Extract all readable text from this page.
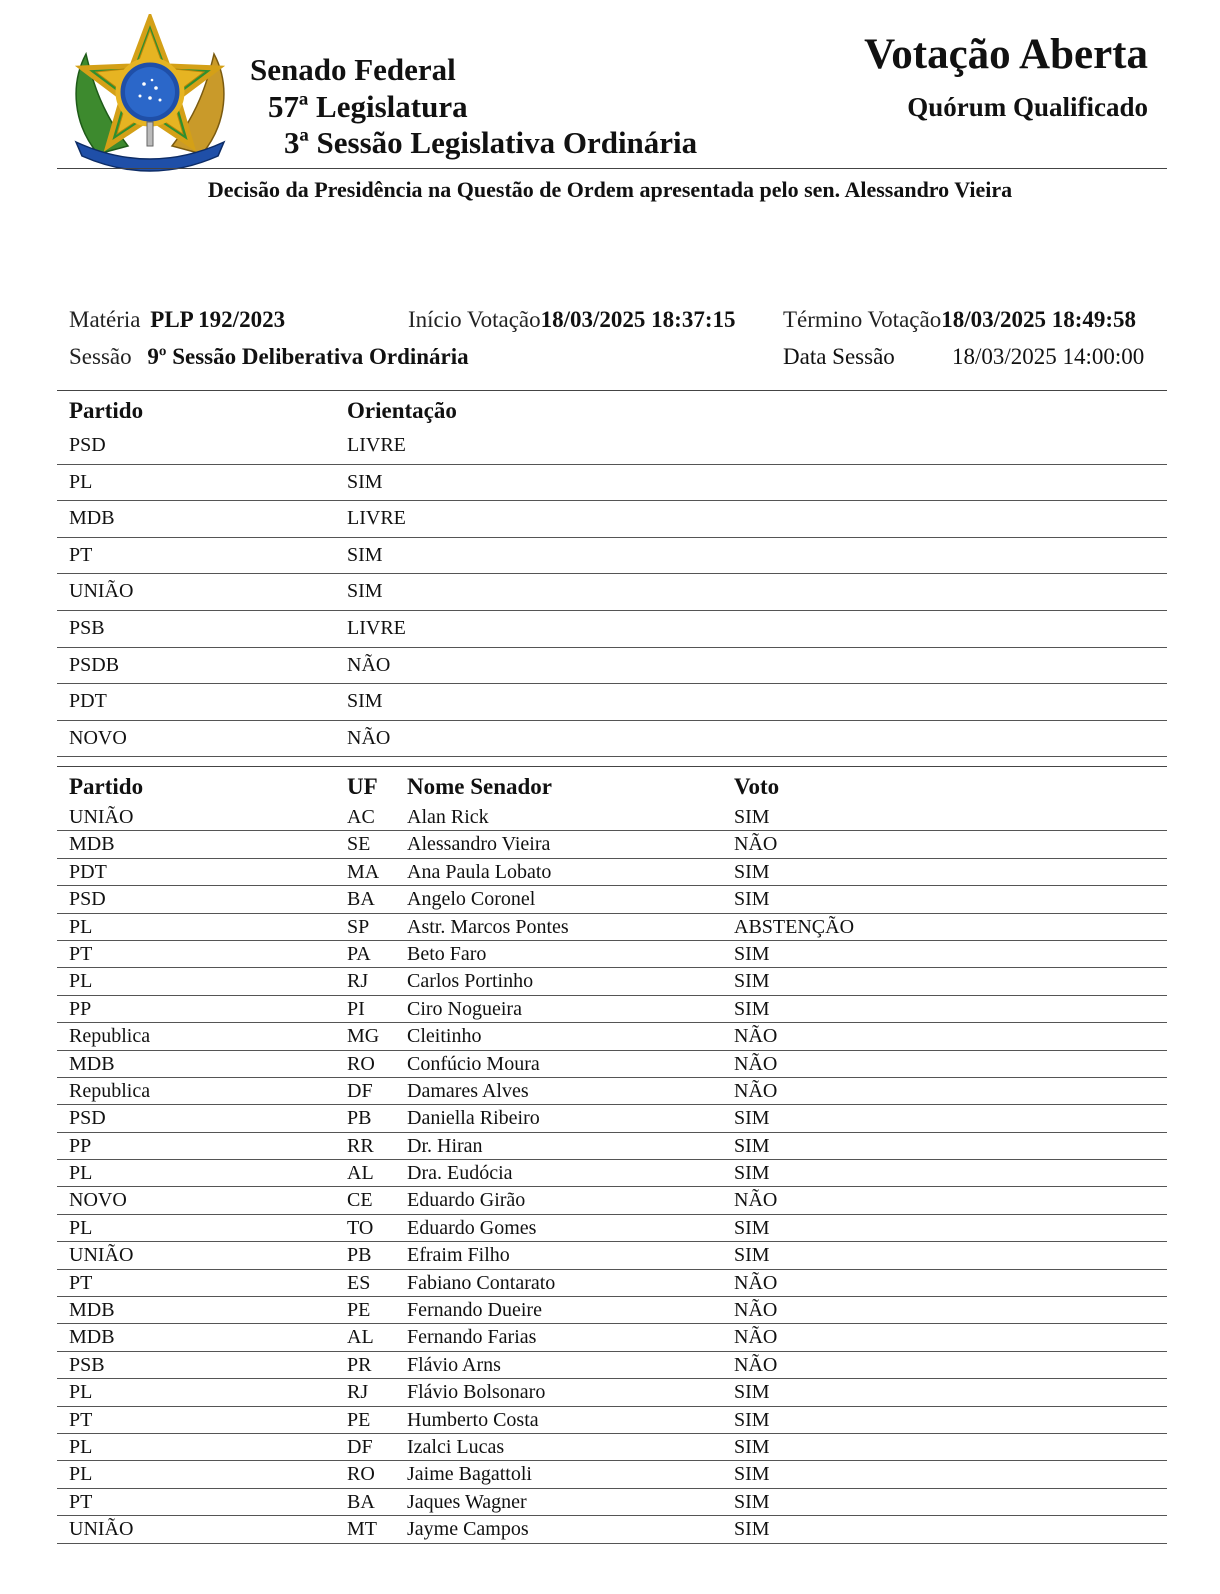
Senado Federal
57ª Legislatura
3ª Sessão Legislativa Ordinária
Votação Aberta
Quórum Qualificado
Decisão da Presidência na Questão de Ordem apresentada pelo sen. Alessandro Vieira
Matéria PLP 192/2023	Início Votação18/03/2025 18:37:15 Término Votação18/03/2025 18:49:58
Sessão 9º Sessão Deliberativa Ordinária	Data Sessão 18/03/2025 14:00:00
Partido	Orientação
PSD	LIVRE
PL	SIM
MDB	LIVRE
PT	SIM
UNIÃO	SIM
PSB	LIVRE
PSDB	NÃO
PDT	SIM
NOVO	NÃO
Partido	UF Nome Senador	Voto
UNIÃO	AC Alan Rick	SIM
MDB	SE Alessandro Vieira	NÃO
PDT	MA Ana Paula Lobato	SIM
PSD	BA Angelo Coronel	SIM
PL	SP Astr. Marcos Pontes	ABSTENÇÃO
PT	PA Beto Faro	SIM
PL	RJ Carlos Portinho	SIM
PP	PI Ciro Nogueira	SIM
Republica	MG Cleitinho	NÃO
MDB	RO Confúcio Moura	NÃO
Republica	DF Damares Alves	NÃO
PSD	PB Daniella Ribeiro	SIM
PP	RR Dr. Hiran	SIM
PL	AL Dra. Eudócia	SIM
NOVO	CE Eduardo Girão	NÃO
PL	TO Eduardo Gomes	SIM
UNIÃO	PB Efraim Filho	SIM
PT	ES Fabiano Contarato	NÃO
MDB	PE Fernando Dueire	NÃO
MDB	AL Fernando Farias	NÃO
PSB	PR Flávio Arns	NÃO
PL	RJ Flávio Bolsonaro	SIM
PT	PE Humberto Costa	SIM
PL	DF Izalci Lucas	SIM
PL	RO Jaime Bagattoli	SIM
PT	BA Jaques Wagner	SIM
UNIÃO	MT Jayme Campos	SIM
